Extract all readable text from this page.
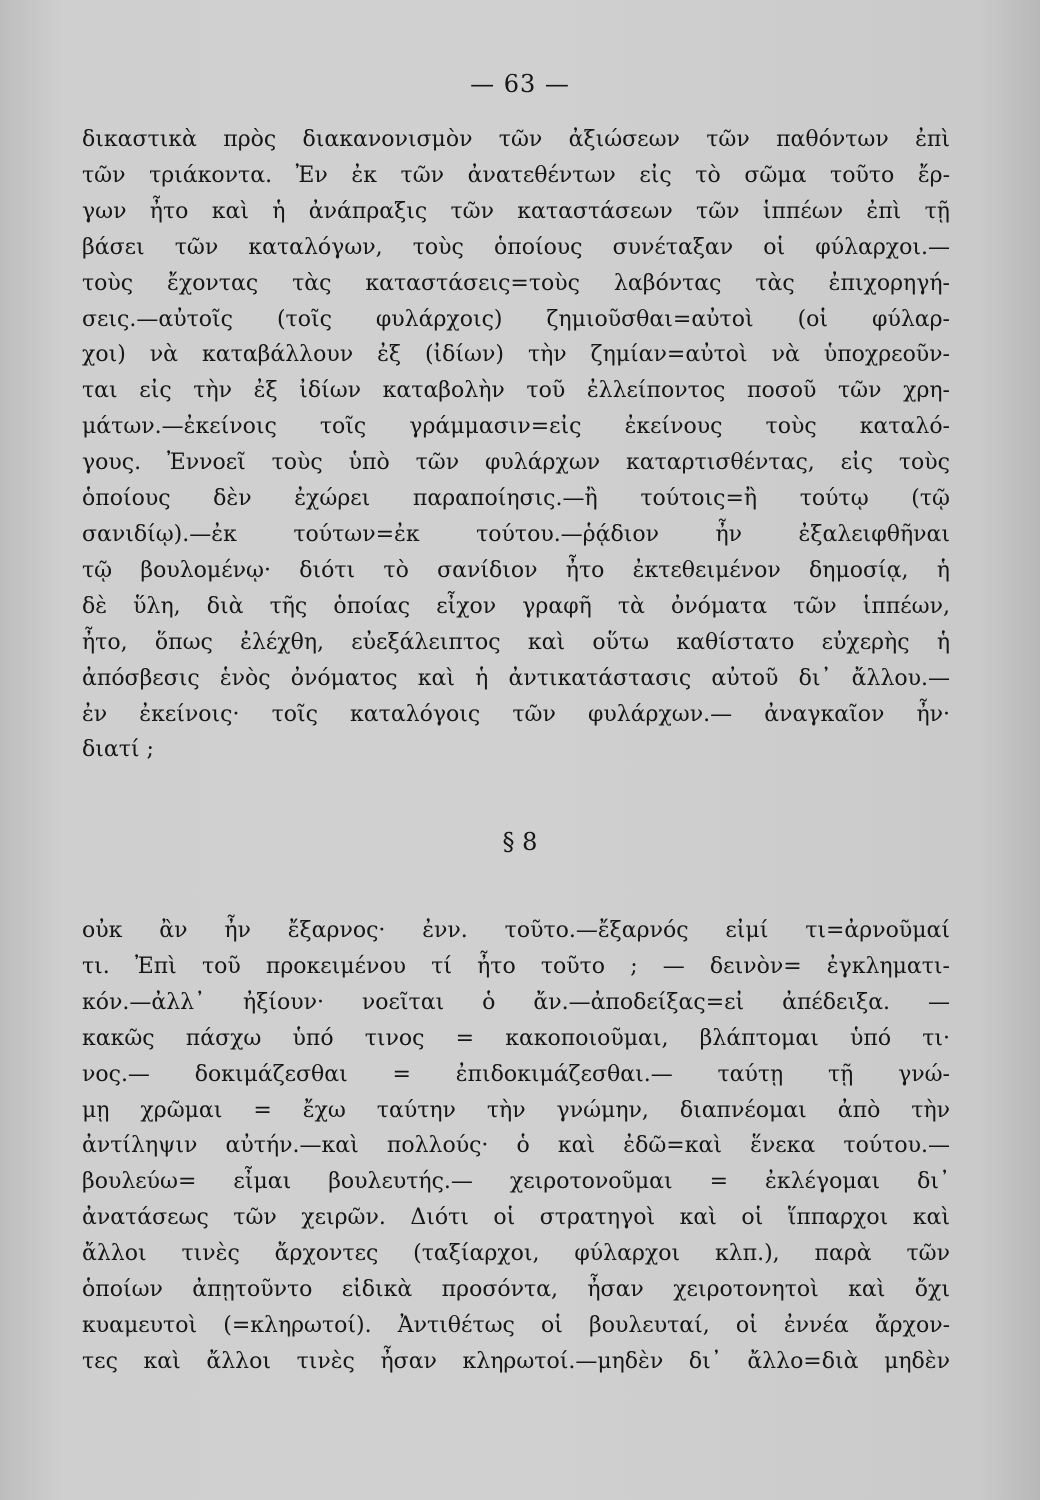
— 63 —
δικαστικὰ πρὸς διακανονισμὸν τῶν ἀξιώσεων τῶν παθόντων ἐπὶ
τῶν τριάκοντα. Ἐν ἐκ τῶν ἀνατεθέντων εἰς τὸ σῶμα τοῦτο ἔρ-
γων ἦτο καὶ ἡ ἀνάπραξις τῶν καταστάσεων τῶν ἱππέων ἐπὶ τῇ
βάσει τῶν καταλόγων, τοὺς ὁποίους συνέταξαν οἱ φύλαρχοι.—
τοὺς ἔχοντας τὰς καταστάσεις=τοὺς λαβόντας τὰς ἐπιχορηγή-
σεις.—αὐτοῖς (τοῖς φυλάρχοις) ζημιοῦσθαι=αὐτοὶ (οἱ φύλαρ-
χοι) νὰ καταβάλλουν ἐξ (ἰδίων) τὴν ζημίαν=αὐτοὶ νὰ ὑποχρεοῦν-
ται εἰς τὴν ἐξ ἰδίων καταβολὴν τοῦ ἐλλείποντος ποσοῦ τῶν χρη-
μάτων.—ἐκείνοις τοῖς γράμμασιν=εἰς ἐκείνους τοὺς καταλό-
γους. Ἐννοεῖ τοὺς ὑπὸ τῶν φυλάρχων καταρτισθέντας, εἰς τοὺς
ὁποίους δὲν ἐχώρει παραποίησις.—ἢ τούτοις=ἢ τούτῳ (τῷ
σανιδίῳ).—ἐκ τούτων=ἐκ τούτου.—ῥᾴδιον ἦν ἐξαλειφθῆναι
τῷ βουλομένῳ· διότι τὸ σανίδιον ἦτο ἐκτεθειμένον δημοσίᾳ, ἡ
δὲ ὕλη, διὰ τῆς ὁποίας εἶχον γραφῆ τὰ ὀνόματα τῶν ἱππέων,
ἦτο, ὅπως ἐλέχθη, εὐεξάλειπτος καὶ οὕτω καθίστατο εὐχερὴς ἡ
ἀπόσβεσις ἑνὸς ὀνόματος καὶ ἡ ἀντικατάστασις αὐτοῦ δι᾽ ἄλλου.—
ἐν ἐκείνοις· τοῖς καταλόγοις τῶν φυλάρχων.— ἀναγκαῖον ἦν·
διατί ;
§ 8
οὐκ ἂν ἦν ἔξαρνος· ἐνν. τοῦτο.—ἔξαρνός εἰμί τι=ἀρνοῦμαί
τι. Ἐπὶ τοῦ προκειμένου τί ἦτο τοῦτο ; — δεινὸν= ἐγκληματι-
κόν.—ἀλλ᾽ ἠξίουν· νοεῖται ὁ ἄν.—ἀποδείξας=εἰ ἀπέδειξα. —
κακῶς πάσχω ὑπό τινος = κακοποιοῦμαι, βλάπτομαι ὑπό τι·
νος.— δοκιμάζεσθαι = ἐπιδοκιμάζεσθαι.— ταύτῃ τῇ γνώ-
μῃ χρῶμαι = ἔχω ταύτην τὴν γνώμην, διαπνέομαι ἀπὸ τὴν
ἀντίληψιν αὐτήν.—καὶ πολλούς· ὁ καὶ ἐδῶ=καὶ ἕνεκα τούτου.—
βουλεύω= εἶμαι βουλευτής.— χειροτονοῦμαι = ἐκλέγομαι δι᾽
ἀνατάσεως τῶν χειρῶν. Διότι οἱ στρατηγοὶ καὶ οἱ ἵππαρχοι καὶ
ἄλλοι τινὲς ἄρχοντες (ταξίαρχοι, φύλαρχοι κλπ.), παρὰ τῶν
ὁποίων ἀπῃτοῦντο εἰδικὰ προσόντα, ἦσαν χειροτονητοὶ καὶ ὄχι
κυαμευτοὶ (=κληρωτοί). Ἀντιθέτως οἱ βουλευταί, οἱ ἐννέα ἄρχον-
τες καὶ ἄλλοι τινὲς ἦσαν κληρωτοί.—μηδὲν δι᾽ ἄλλο=διὰ μηδὲν
